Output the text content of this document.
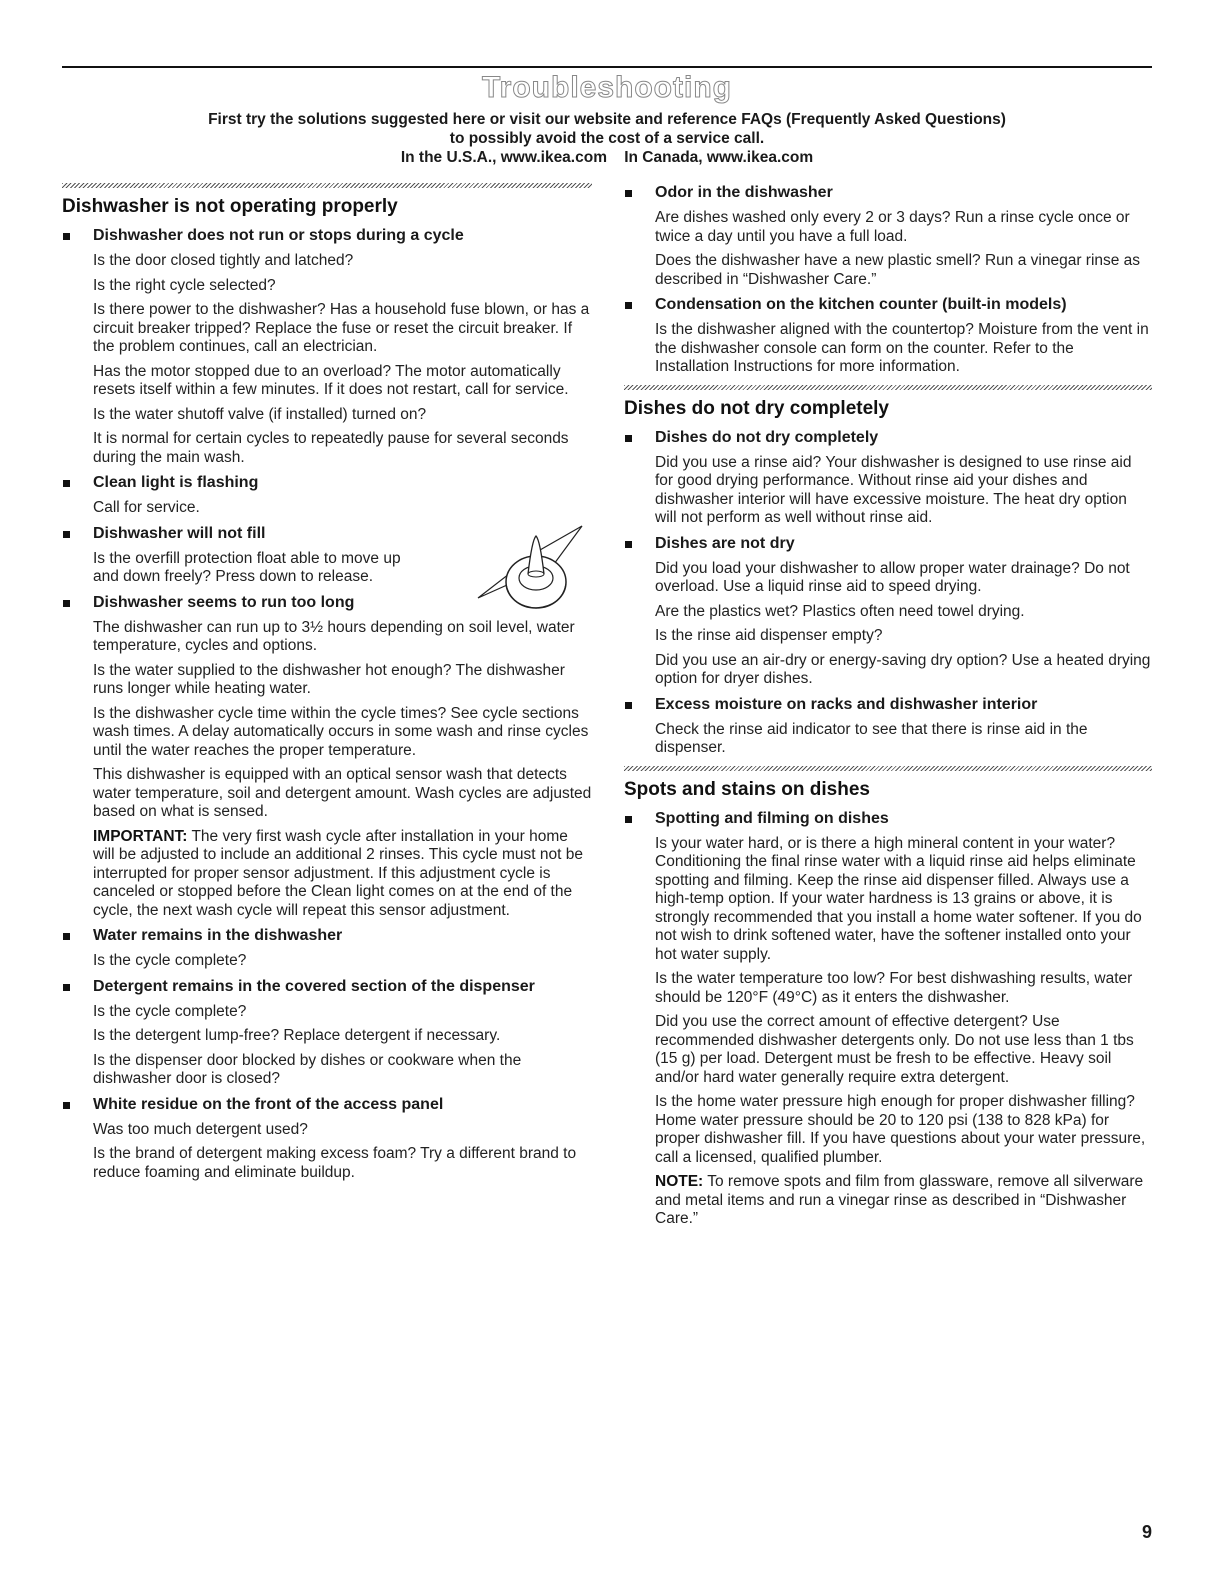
Troubleshooting
First try the solutions suggested here or visit our website and reference FAQs (Frequently Asked Questions)
to possibly avoid the cost of a service call.
In the U.S.A., www.ikea.com    In Canada, www.ikea.com
Dishwasher is not operating properly
Dishwasher does not run or stops during a cycle

Is the door closed tightly and latched?

Is the right cycle selected?

Is there power to the dishwasher? Has a household fuse blown, or has a circuit breaker tripped? Replace the fuse or reset the circuit breaker. If the problem continues, call an electrician.

Has the motor stopped due to an overload? The motor automatically resets itself within a few minutes. If it does not restart, call for service.

Is the water shutoff valve (if installed) turned on?

It is normal for certain cycles to repeatedly pause for several seconds during the main wash.

Clean light is flashing

Call for service.

Dishwasher will not fill

Is the overfill protection float able to move up and down freely? Press down to release.

Dishwasher seems to run too long

The dishwasher can run up to 3½ hours depending on soil level, water temperature, cycles and options.

Is the water supplied to the dishwasher hot enough? The dishwasher runs longer while heating water.

Is the dishwasher cycle time within the cycle times? See cycle sections wash times. A delay automatically occurs in some wash and rinse cycles until the water reaches the proper temperature.

This dishwasher is equipped with an optical sensor wash that detects water temperature, soil and detergent amount. Wash cycles are adjusted based on what is sensed.

IMPORTANT: The very first wash cycle after installation in your home will be adjusted to include an additional 2 rinses. This cycle must not be interrupted for proper sensor adjustment. If this adjustment cycle is canceled or stopped before the Clean light comes on at the end of the cycle, the next wash cycle will repeat this sensor adjustment.

Water remains in the dishwasher

Is the cycle complete?

Detergent remains in the covered section of the dispenser

Is the cycle complete?

Is the detergent lump-free? Replace detergent if necessary.

Is the dispenser door blocked by dishes or cookware when the dishwasher door is closed?

White residue on the front of the access panel

Was too much detergent used?

Is the brand of detergent making excess foam? Try a different brand to reduce foaming and eliminate buildup.

Odor in the dishwasher

Are dishes washed only every 2 or 3 days? Run a rinse cycle once or twice a day until you have a full load.

Does the dishwasher have a new plastic smell? Run a vinegar rinse as described in “Dishwasher Care.”

Condensation on the kitchen counter (built-in models)

Is the dishwasher aligned with the countertop? Moisture from the vent in the dishwasher console can form on the counter. Refer to the Installation Instructions for more information.

Dishes do not dry completely
Dishes do not dry completely

Did you use a rinse aid? Your dishwasher is designed to use rinse aid for good drying performance. Without rinse aid your dishes and dishwasher interior will have excessive moisture. The heat dry option will not perform as well without rinse aid.

Dishes are not dry

Did you load your dishwasher to allow proper water drainage? Do not overload. Use a liquid rinse aid to speed drying.

Are the plastics wet? Plastics often need towel drying.

Is the rinse aid dispenser empty?

Did you use an air-dry or energy-saving dry option? Use a heated drying option for dryer dishes.

Excess moisture on racks and dishwasher interior

Check the rinse aid indicator to see that there is rinse aid in the dispenser.

Spots and stains on dishes
Spotting and filming on dishes

Is your water hard, or is there a high mineral content in your water? Conditioning the final rinse water with a liquid rinse aid helps eliminate spotting and filming. Keep the rinse aid dispenser filled. Always use a high-temp option. If your water hardness is 13 grains or above, it is strongly recommended that you install a home water softener. If you do not wish to drink softened water, have the softener installed onto your hot water supply.

Is the water temperature too low? For best dishwashing results, water should be 120°F (49°C) as it enters the dishwasher.

Did you use the correct amount of effective detergent? Use recommended dishwasher detergents only. Do not use less than 1 tbs (15 g) per load. Detergent must be fresh to be effective. Heavy soil and/or hard water generally require extra detergent.

Is the home water pressure high enough for proper dishwasher filling? Home water pressure should be 20 to 120 psi (138 to 828 kPa) for proper dishwasher fill. If you have questions about your water pressure, call a licensed, qualified plumber.

NOTE: To remove spots and film from glassware, remove all silverware and metal items and run a vinegar rinse as described in “Dishwasher Care.”

9
